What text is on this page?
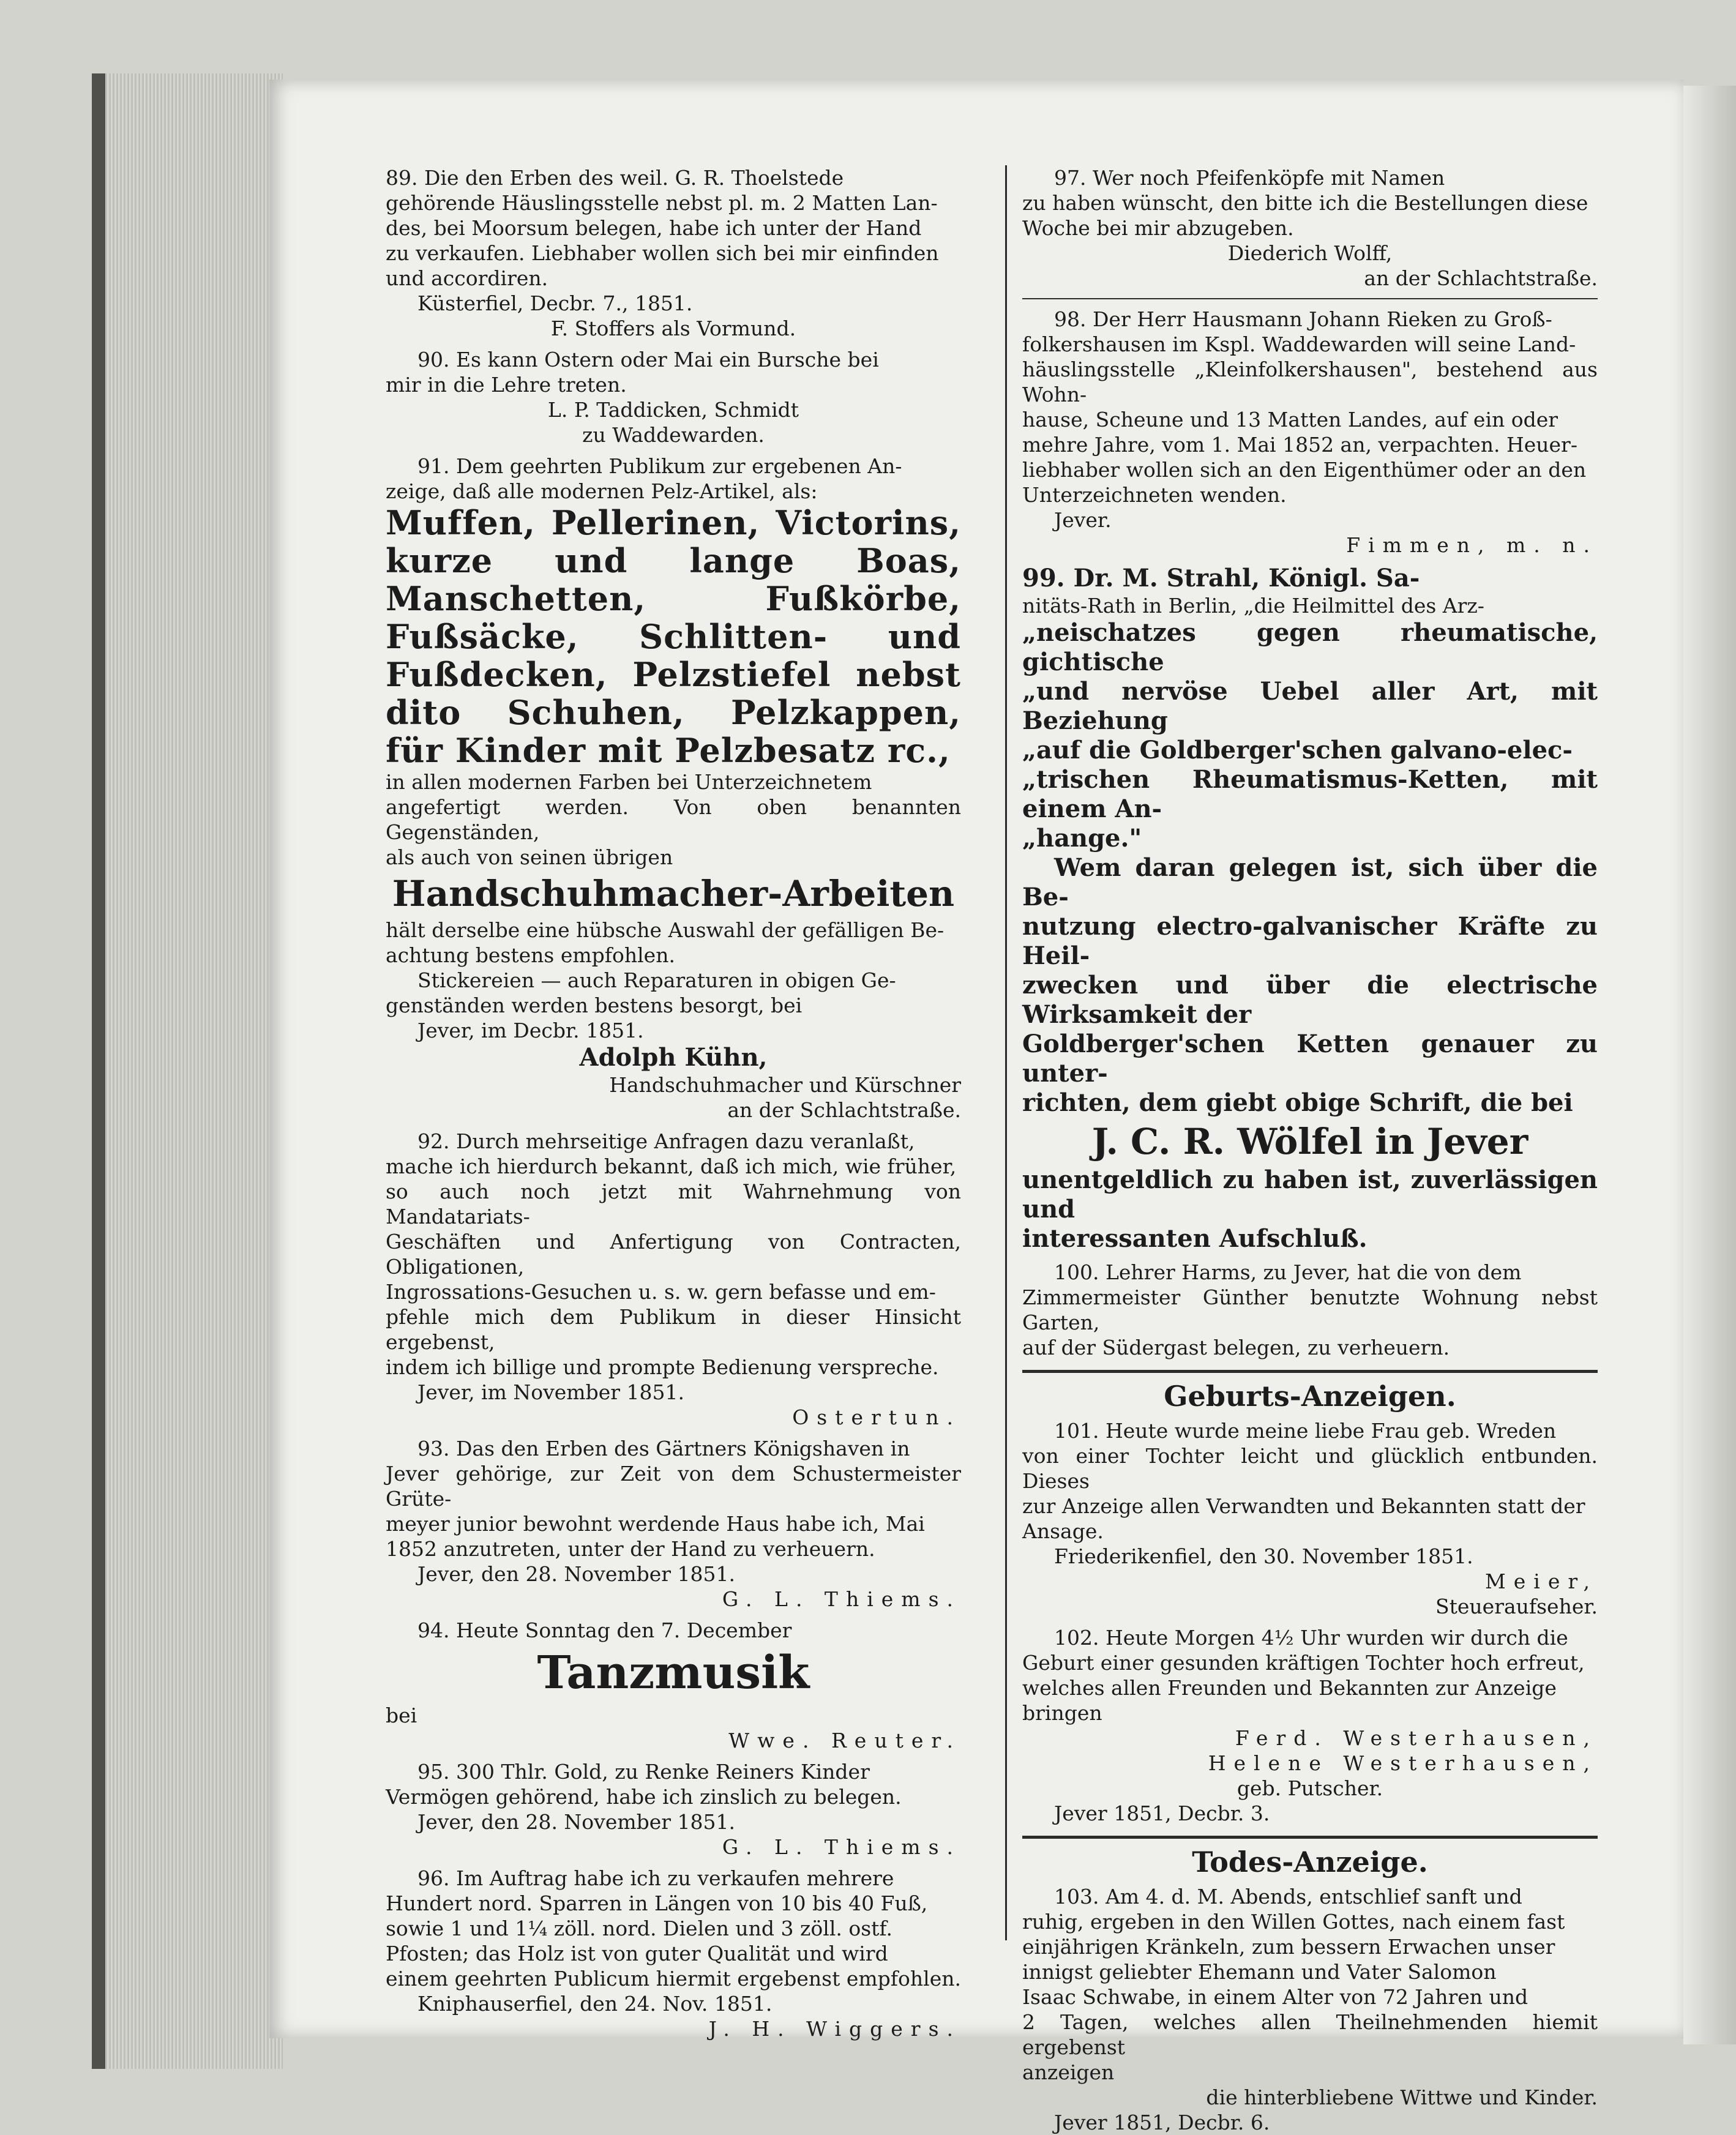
89. Die den Erben des weil. G. R. Thoelstede

gehörende Häuslingsstelle nebst pl. m. 2 Matten Lan-

des, bei Moorsum belegen, habe ich unter der Hand

zu verkaufen. Liebhaber wollen sich bei mir einfinden

und accordiren.

Küsterfiel, Decbr. 7., 1851.

F. Stoffers als Vormund.

90. Es kann Ostern oder Mai ein Bursche bei

mir in die Lehre treten.

L. P. Taddicken, Schmidt

zu Waddewarden.

91. Dem geehrten Publikum zur ergebenen An-

zeige, daß alle modernen Pelz-Artikel, als:

Muffen, Pellerinen, Victorins, kurze und lange Boas, Manschetten, Fußkörbe, Fußsäcke, Schlitten- und Fußdecken, Pelzstiefel nebst dito Schuhen, Pelzkappen, für Kinder mit Pelzbesatz rc.,

in allen modernen Farben bei Unterzeichnetem

angefertigt werden. Von oben benannten Gegenständen,

als auch von seinen übrigen

Handschuhmacher-Arbeiten

hält derselbe eine hübsche Auswahl der gefälligen Be-

achtung bestens empfohlen.

Stickereien — auch Reparaturen in obigen Ge-

genständen werden bestens besorgt, bei

Jever, im Decbr. 1851.

Adolph Kühn,

Handschuhmacher und Kürschner

an der Schlachtstraße.

92. Durch mehrseitige Anfragen dazu veranlaßt,

mache ich hierdurch bekannt, daß ich mich, wie früher,

so auch noch jetzt mit Wahrnehmung von Mandatariats-

Geschäften und Anfertigung von Contracten, Obligationen,

Ingrossations-Gesuchen u. s. w. gern befasse und em-

pfehle mich dem Publikum in dieser Hinsicht ergebenst,

indem ich billige und prompte Bedienung verspreche.

Jever, im November 1851.

Ostertun.

93. Das den Erben des Gärtners Königshaven in

Jever gehörige, zur Zeit von dem Schustermeister Grüte-

meyer junior bewohnt werdende Haus habe ich, Mai

1852 anzutreten, unter der Hand zu verheuern.

Jever, den 28. November 1851.

G. L. Thiems.

94. Heute Sonntag den 7. December

Tanzmusik

bei

Wwe. Reuter.

95. 300 Thlr. Gold, zu Renke Reiners Kinder

Vermögen gehörend, habe ich zinslich zu belegen.

Jever, den 28. November 1851.

G. L. Thiems.

96. Im Auftrag habe ich zu verkaufen mehrere

Hundert nord. Sparren in Längen von 10 bis 40 Fuß,

sowie 1 und 1¼ zöll. nord. Dielen und 3 zöll. ostf.

Pfosten; das Holz ist von guter Qualität und wird

einem geehrten Publicum hiermit ergebenst empfohlen.

Kniphauserfiel, den 24. Nov. 1851.

J. H. Wiggers.

97. Wer noch Pfeifenköpfe mit Namen

zu haben wünscht, den bitte ich die Bestellungen diese

Woche bei mir abzugeben.

Diederich Wolff,

an der Schlachtstraße.

98. Der Herr Hausmann Johann Rieken zu Groß-

folkershausen im Kspl. Waddewarden will seine Land-

häuslingsstelle „Kleinfolkershausen", bestehend aus Wohn-

hause, Scheune und 13 Matten Landes, auf ein oder

mehre Jahre, vom 1. Mai 1852 an, verpachten. Heuer-

liebhaber wollen sich an den Eigenthümer oder an den

Unterzeichneten wenden.

Jever.

Fimmen, m. n.

99. Dr. M. Strahl, Königl. Sa-

nitäts-Rath in Berlin, „die Heilmittel des Arz-

„neischatzes gegen rheumatische, gichtische

„und nervöse Uebel aller Art, mit Beziehung

„auf die Goldberger'schen galvano-elec-

„trischen Rheumatismus-Ketten, mit einem An-

„hange."

Wem daran gelegen ist, sich über die Be-

nutzung electro-galvanischer Kräfte zu Heil-

zwecken und über die electrische Wirksamkeit der

Goldberger'schen Ketten genauer zu unter-

richten, dem giebt obige Schrift, die bei

J. C. R. Wölfel in Jever

unentgeldlich zu haben ist, zuverlässigen und

interessanten Aufschluß.

100. Lehrer Harms, zu Jever, hat die von dem

Zimmermeister Günther benutzte Wohnung nebst Garten,

auf der Südergast belegen, zu verheuern.

Geburts-Anzeigen.

101. Heute wurde meine liebe Frau geb. Wreden

von einer Tochter leicht und glücklich entbunden. Dieses

zur Anzeige allen Verwandten und Bekannten statt der

Ansage.

Friederikenfiel, den 30. November 1851.

Meier,

Steueraufseher.

102. Heute Morgen 4½ Uhr wurden wir durch die

Geburt einer gesunden kräftigen Tochter hoch erfreut,

welches allen Freunden und Bekannten zur Anzeige

bringen

Ferd. Westerhausen,

Helene Westerhausen,

geb. Putscher.

Jever 1851, Decbr. 3.

Todes-Anzeige.

103. Am 4. d. M. Abends, entschlief sanft und

ruhig, ergeben in den Willen Gottes, nach einem fast

einjährigen Kränkeln, zum bessern Erwachen unser

innigst geliebter Ehemann und Vater Salomon

Isaac Schwabe, in einem Alter von 72 Jahren und

2 Tagen, welches allen Theilnehmenden hiemit ergebenst

anzeigen

die hinterbliebene Wittwe und Kinder.

Jever 1851, Decbr. 6.
